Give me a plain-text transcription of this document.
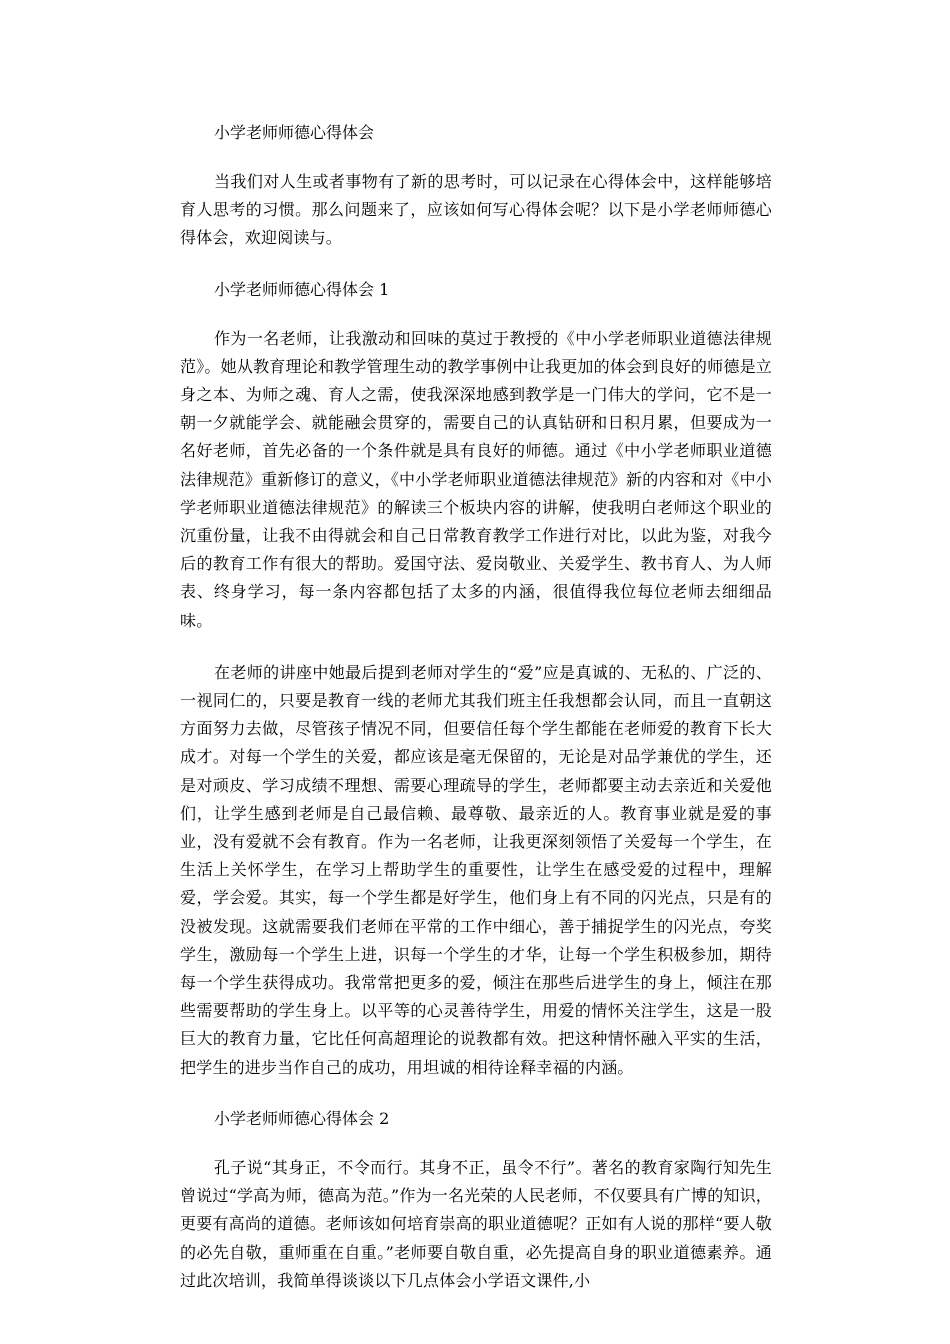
小学老师师德心得体会

当我们对人生或者事物有了新的思考时，可以记录在心得体会中，这样能够培育人思考的习惯。那么问题来了，应该如何写心得体会呢？以下是小学老师师德心得体会，欢迎阅读与。

小学老师师德心得体会 1

作为一名老师，让我激动和回味的莫过于教授的《中小学老师职业道德法律规范》。她从教育理论和教学管理生动的教学事例中让我更加的体会到良好的师德是立身之本、为师之魂、育人之需，使我深深地感到教学是一门伟大的学问，它不是一朝一夕就能学会、就能融会贯穿的，需要自己的认真钻研和日积月累，但要成为一名好老师，首先必备的一个条件就是具有良好的师德。通过《中小学老师职业道德法律规范》重新修订的意义，《中小学老师职业道德法律规范》新的内容和对《中小学老师职业道德法律规范》的解读三个板块内容的讲解，使我明白老师这个职业的沉重份量，让我不由得就会和自己日常教育教学工作进行对比，以此为鉴，对我今后的教育工作有很大的帮助。爱国守法、爱岗敬业、关爱学生、教书育人、为人师表、终身学习，每一条内容都包括了太多的内涵，很值得我位每位老师去细细品味。

在老师的讲座中她最后提到老师对学生的“爱”应是真诚的、无私的、广泛的、一视同仁的，只要是教育一线的老师尤其我们班主任我想都会认同，而且一直朝这方面努力去做，尽管孩子情况不同，但要信任每个学生都能在老师爱的教育下长大成才。对每一个学生的关爱，都应该是毫无保留的，无论是对品学兼优的学生，还是对顽皮、学习成绩不理想、需要心理疏导的学生，老师都要主动去亲近和关爱他们，让学生感到老师是自己最信赖、最尊敬、最亲近的人。教育事业就是爱的事业，没有爱就不会有教育。作为一名老师，让我更深刻领悟了关爱每一个学生，在生活上关怀学生，在学习上帮助学生的重要性，让学生在感受爱的过程中，理解爱，学会爱。其实，每一个学生都是好学生，他们身上有不同的闪光点，只是有的没被发现。这就需要我们老师在平常的工作中细心，善于捕捉学生的闪光点，夸奖学生，激励每一个学生上进，识每一个学生的才华，让每一个学生积极参加，期待每一个学生获得成功。我常常把更多的爱，倾注在那些后进学生的身上，倾注在那些需要帮助的学生身上。以平等的心灵善待学生，用爱的情怀关注学生，这是一股巨大的教育力量，它比任何高超理论的说教都有效。把这种情怀融入平实的生活，把学生的进步当作自己的成功，用坦诚的相待诠释幸福的内涵。

小学老师师德心得体会 2

孔子说“其身正，不令而行。其身不正，虽令不行”。著名的教育家陶行知先生曾说过“学高为师，德高为范。”作为一名光荣的人民老师，不仅要具有广博的知识，更要有高尚的道德。老师该如何培育崇高的职业道德呢？正如有人说的那样“要人敬的必先自敬，重师重在自重。”老师要自敬自重，必先提高自身的职业道德素养。通过此次培训，我简单得谈谈以下几点体会小学语文课件,小
